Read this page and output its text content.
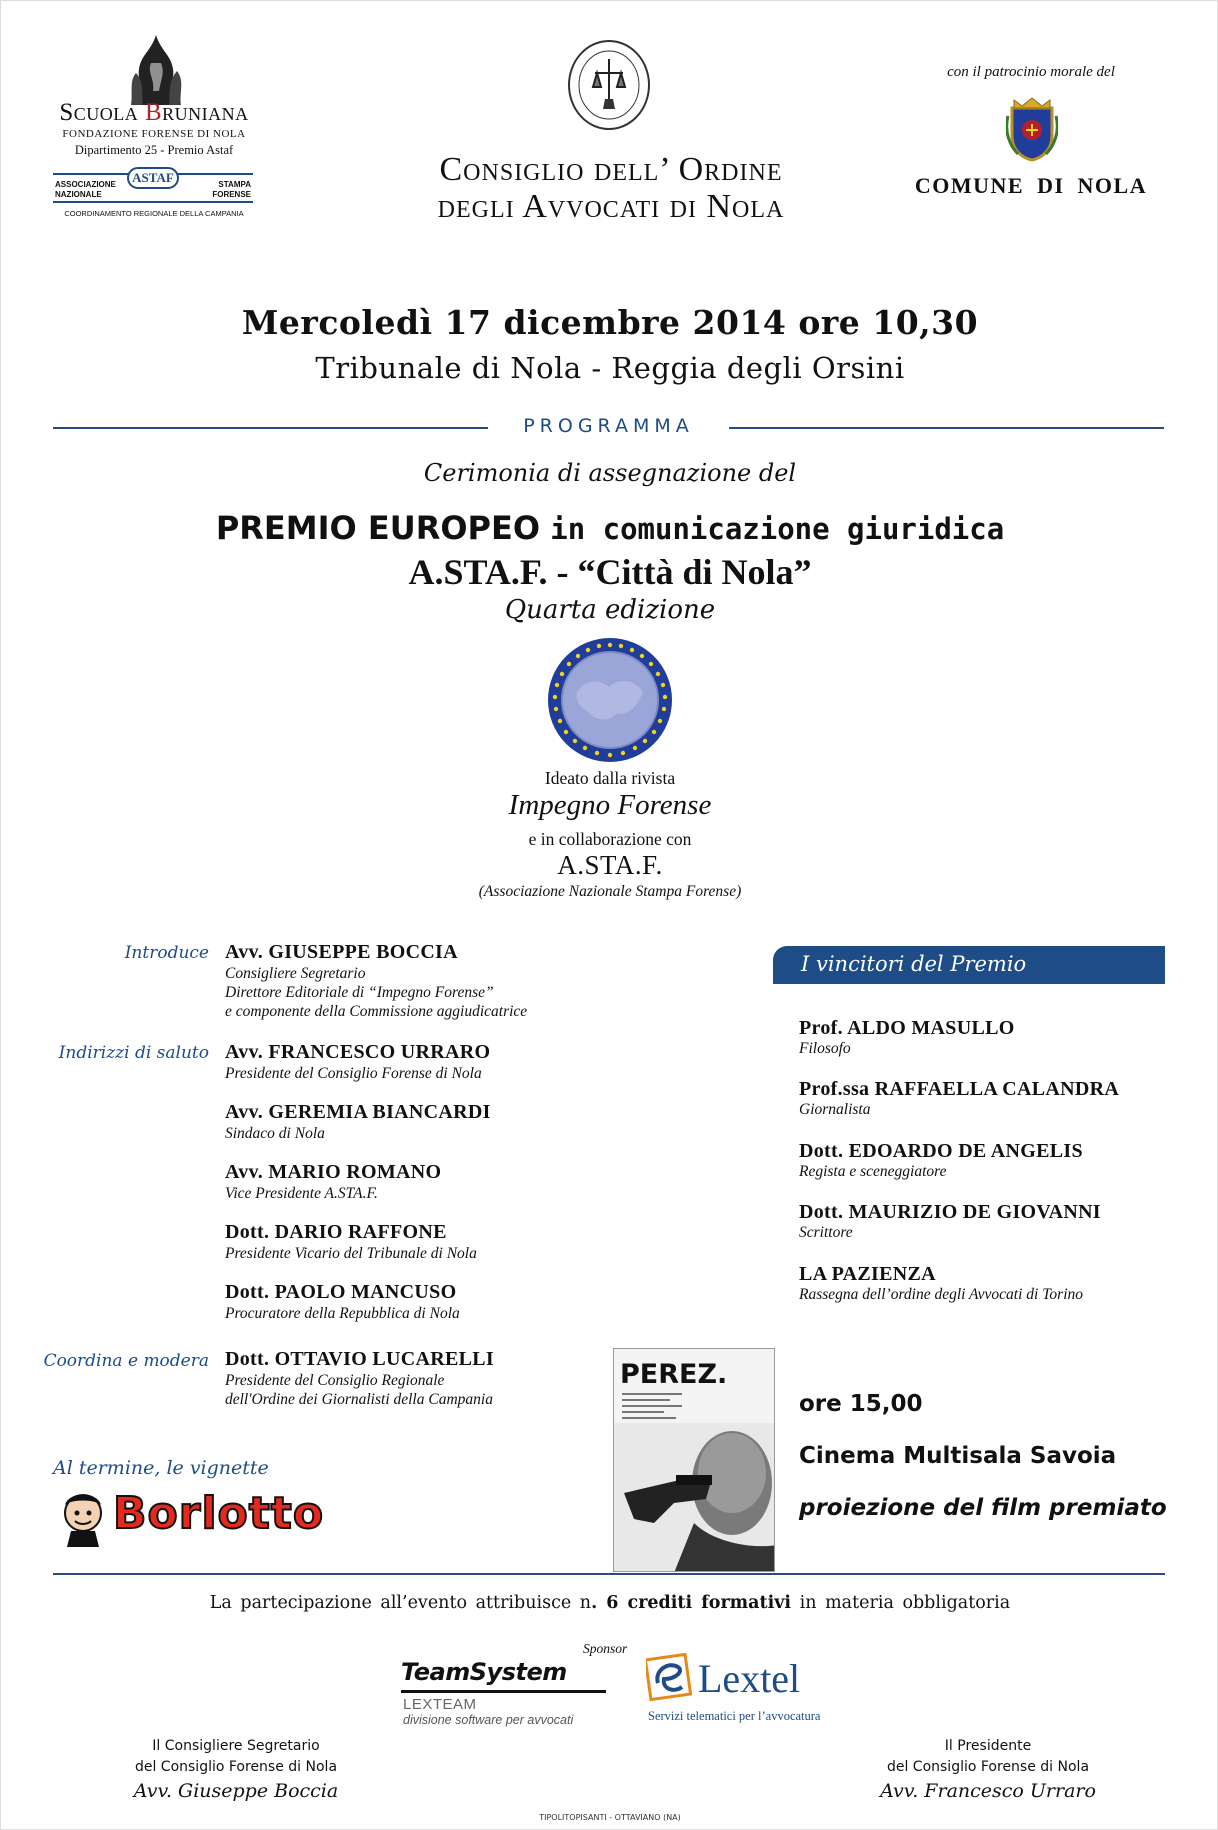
Scuola Bruniana
FONDAZIONE FORENSE DI NOLA
Dipartimento 25 - Premio Astaf
ASTAF
ASSOCIAZIONE NAZIONALE
STAMPA FORENSE
COORDINAMENTO REGIONALE DELLA CAMPANIA
Consiglio dell’ Ordine
degli Avvocati di Nola
con il patrocinio morale del
COMUNE DI NOLA
Mercoledì 17 dicembre 2014 ore 10,30
Tribunale di Nola - Reggia degli Orsini
PROGRAMMA
Cerimonia di assegnazione del
PREMIO EUROPEO in comunicazione giuridica
A.STA.F. - “Città di Nola”
Quarta edizione
Ideato dalla rivista
Impegno Forense
e in collaborazione con
A.STA.F.
(Associazione Nazionale Stampa Forense)
Introduce Avv. GIUSEPPE BOCCIA
Consigliere Segretario
Direttore Editoriale di “Impegno Forense”
e componente della Commissione aggiudicatrice
Indirizzi di saluto Avv. FRANCESCO URRARO
Presidente del Consiglio Forense di Nola
Avv. GEREMIA BIANCARDI
Sindaco di Nola
Avv. MARIO ROMANO
Vice Presidente A.STA.F.
Dott. DARIO RAFFONE
Presidente Vicario del Tribunale di Nola
Dott. PAOLO MANCUSO
Procuratore della Repubblica di Nola
Coordina e modera Dott. OTTAVIO LUCARELLI
Presidente del Consiglio Regionale
dell'Ordine dei Giornalisti della Campania
Al termine, le vignette
Borlotto
I vincitori del Premio
Prof. ALDO MASULLO
Filosofo
Prof.ssa RAFFAELLA CALANDRA
Giornalista
Dott. EDOARDO DE ANGELIS
Regista e sceneggiatore
Dott. MAURIZIO DE GIOVANNI
Scrittore
LA PAZIENZA
Rassegna dell’ordine degli Avvocati di Torino
PEREZ.
ore 15,00
Cinema Multisala Savoia
proiezione del film premiato
La partecipazione all’evento attribuisce n. 6 crediti formativi in materia obbligatoria
Sponsor
TeamSystem
LEXTEAM
divisione software per avvocati
Lextel
Servizi telematici per l’avvocatura
Il Consigliere Segretario
del Consiglio Forense di Nola
Avv. Giuseppe Boccia
Il Presidente
del Consiglio Forense di Nola
Avv. Francesco Urraro
TIPOLITOPISANTI - OTTAVIANO (NA)
